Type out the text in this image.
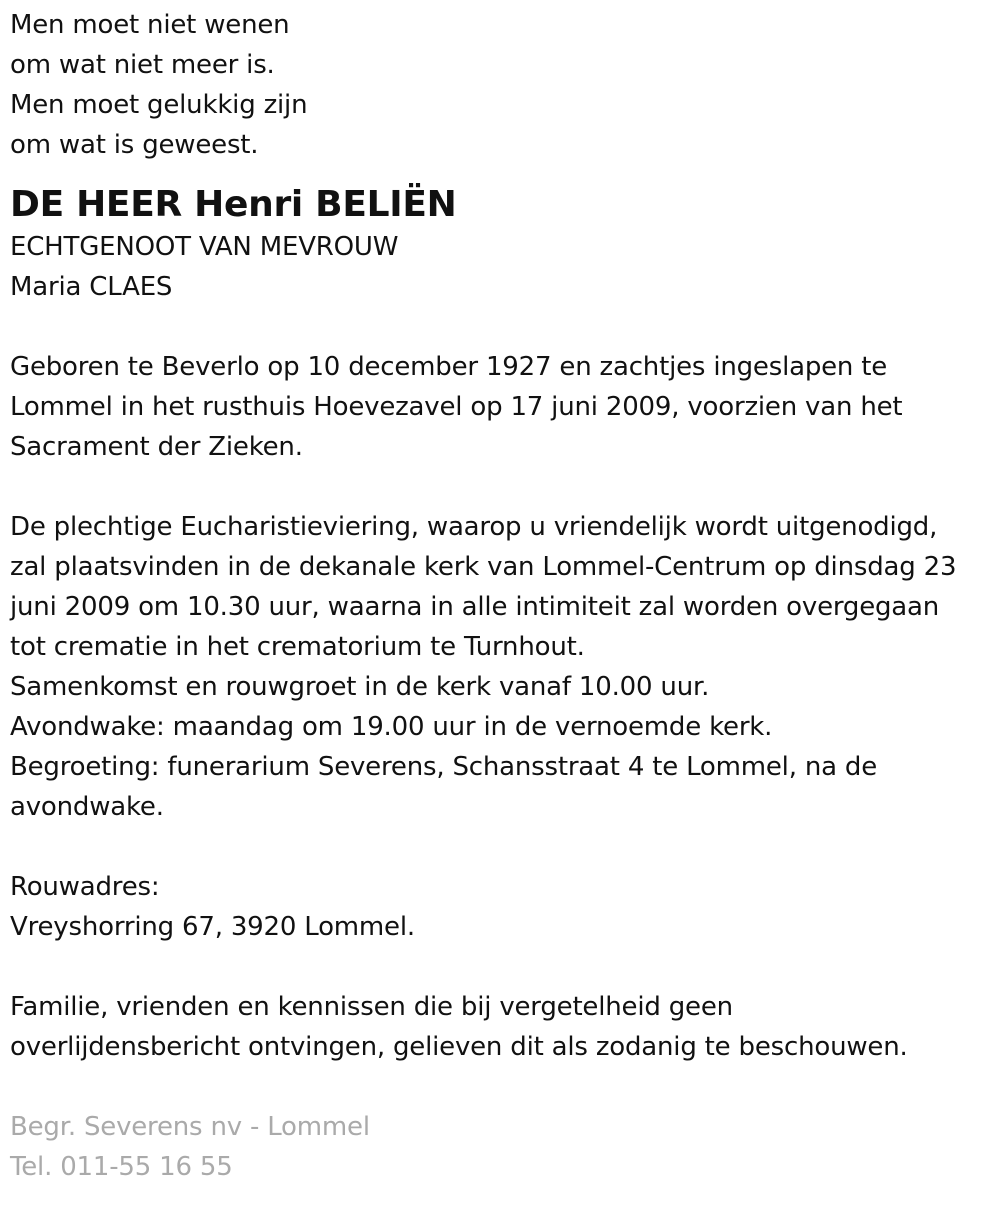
Men moet niet wenen
om wat niet meer is.
Men moet gelukkig zijn
om wat is geweest.
DE HEER Henri BELIËN
ECHTGENOOT VAN MEVROUW
Maria CLAES
Geboren te Beverlo op 10 december 1927 en zachtjes ingeslapen te
Lommel in het rusthuis Hoevezavel op 17 juni 2009, voorzien van het
Sacrament der Zieken.
De plechtige Eucharistieviering, waarop u vriendelijk wordt uitgenodigd,
zal plaatsvinden in de dekanale kerk van Lommel-Centrum op dinsdag 23
juni 2009 om 10.30 uur, waarna in alle intimiteit zal worden overgegaan
tot crematie in het crematorium te Turnhout.
Samenkomst en rouwgroet in de kerk vanaf 10.00 uur.
Avondwake: maandag om 19.00 uur in de vernoemde kerk.
Begroeting: funerarium Severens, Schansstraat 4 te Lommel, na de
avondwake.
Rouwadres:
Vreyshorring 67, 3920 Lommel.
Familie, vrienden en kennissen die bij vergetelheid geen
overlijdensbericht ontvingen, gelieven dit als zodanig te beschouwen.
Begr. Severens nv - Lommel
Tel. 011-55 16 55
